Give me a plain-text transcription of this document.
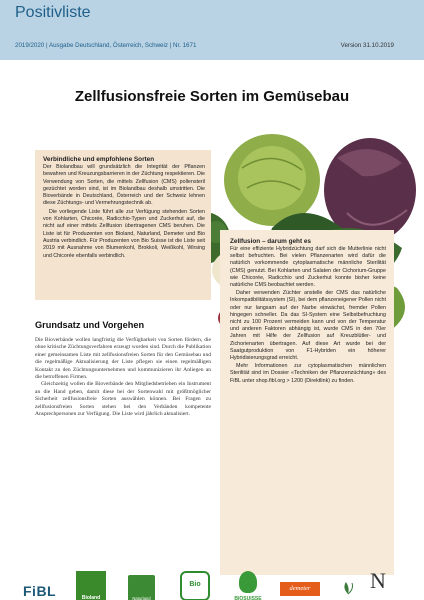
Positivliste
2019/2020 | Ausgabe Deutschland, Österreich, Schweiz | Nr. 1671	Version 31.10.2019
Zellfusionsfreie Sorten im Gemüsebau
Verbindliche und empfohlene Sorten

Der Biolandbau will grundsätzlich die Integrität der Pflanzen bewahren und Kreuzungsbarrieren in der Züchtung respektieren. Die Verwendung von Sorten, die mittels Zellfusion (CMS) pollensteril gezüchtet worden sind, ist im Biolandbau deshalb umstritten. Die Bioverbände in Deutschland, Österreich und der Schweiz lehnen diese Züchtungs- und Vermehrungstechnik ab.

Die vorliegende Liste führt alle zur Verfügung stehenden Sorten von Kohlarten, Chicorée, Radicchio-Typen und Zuckerhut auf, die nicht auf einer mittels Zellfusion übertragenen CMS beruhen. Die Liste ist für Produzenten von Bioland, Naturland, Demeter und Bio Austria verbindlich. Für Produzenten von Bio Suisse ist die Liste seit 2019 mit Ausnahme von Blumenkohl, Brokkoli, Weißkohl, Wirsing und Chicorée ebenfalls verbindlich.

Grundsatz und Vorgehen

Die Bioverbände wollen langfristig die Verfügbarkeit von Sorten fördern, die ohne kritische Züchtungsverfahren erzeugt worden sind. Durch die Publikation einer gemeinsamen Liste mit zellfusionsfreien Sorten für den Gemüsebau und die regelmäßige Aktualisierung der Liste pflegen sie einen regelmäßigen Kontakt zu den Züchtungsunternehmen und kommunizieren ihr Anliegen an die betroffenen Firmen.

Gleichzeitig wollen die Bioverbände den Mitgliedsbetrieben ein Instrument an die Hand geben, damit diese bei der Sortenwahl mit größtmöglicher Sicherheit zellfusionsfreie Sorten auswählen können. Bei Fragen zu zellfusionsfreien Sorten stehen bei den Verbänden kompetente Ansprechpersonen zur Verfügung. Die Liste wird jährlich aktualisiert.

Zellfusion – darum geht es

Für eine effiziente Hybridzüchtung darf sich die Mutterlinie nicht selbst befruchten. Bei vielen Pflanzenarten wird dafür die natürlich vorkommende cytoplasmatische männliche Sterilität (CMS) genutzt. Bei Kohlarten und Salaten der Cichorium-Gruppe wie Chicorée, Radicchio und Zuckerhut konnte bisher keine natürliche CMS beobachtet werden.

Daher verwenden Züchter anstelle der CMS das natürliche Inkompatibilitätssystem (SI), bei dem pflanzeneigener Pollen nicht oder nur langsam auf der Narbe einwächst, fremder Pollen hingegen schneller. Da das SI-System eine Selbstbefruchtung nicht zu 100 Prozent vermeiden kann und von der Temperatur und anderen Faktoren abhängig ist, wurde CMS in den 70er Jahren mit Hilfe der Zellfusion auf Kreuzblütler- und Zichorienarten übertragen. Auf diese Art wurde bei der Saatgutproduktion von F1-Hybriden ein höherer Hybridisierungsgrad erreicht.

Mehr Informationen zur cytoplasmatischen männlichen Sterilität sind im Dossier «Techniken der Pflanzenzüchtung» des FiBL unter shop.fibl.org > 1200 (Direktlink) zu finden.

FiBL	Bioland	Naturland
Bio
BIOSUISSE
demeter	N
